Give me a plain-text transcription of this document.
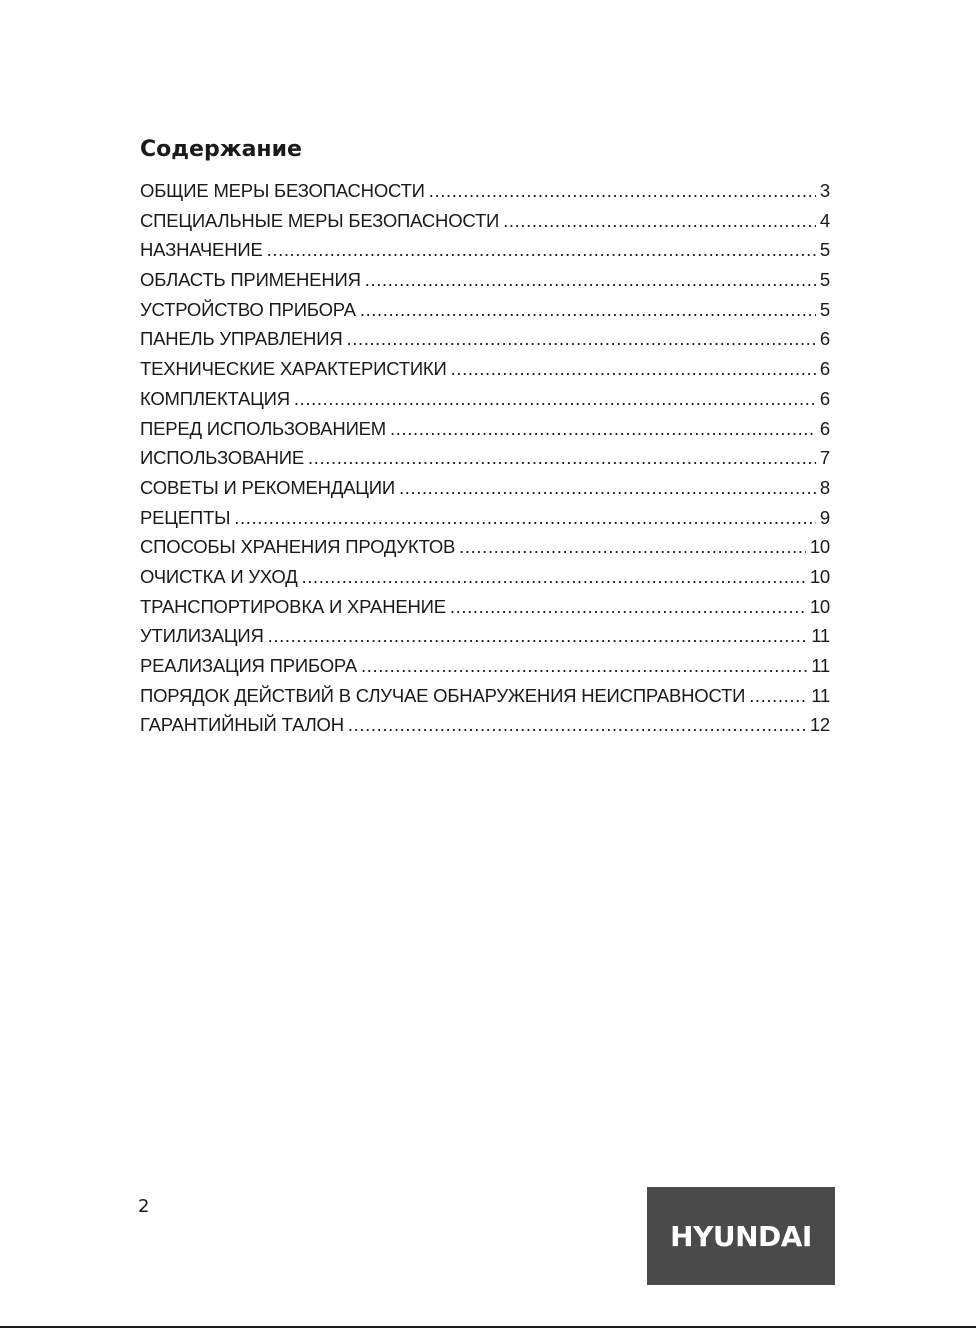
Содержание
ОБЩИЕ МЕРЫ БЕЗОПАСНОСТИ .....	3
СПЕЦИАЛЬНЫЕ МЕРЫ БЕЗОПАСНОСТИ .....	4
НАЗНАЧЕНИЕ .....	5
ОБЛАСТЬ ПРИМЕНЕНИЯ .....	5
УСТРОЙСТВО ПРИБОРА .....	5
ПАНЕЛЬ УПРАВЛЕНИЯ .....	6
ТЕХНИЧЕСКИЕ ХАРАКТЕРИСТИКИ .....	6
КОМПЛЕКТАЦИЯ .....	6
ПЕРЕД ИСПОЛЬЗОВАНИЕМ .....	6
ИСПОЛЬЗОВАНИЕ .....	7
СОВЕТЫ И РЕКОМЕНДАЦИИ .....	8
РЕЦЕПТЫ .....	9
СПОСОБЫ ХРАНЕНИЯ ПРОДУКТОВ .....	10
ОЧИСТКА И УХОД .....	10
ТРАНСПОРТИРОВКА И ХРАНЕНИЕ .....	10
УТИЛИЗАЦИЯ .....	11
РЕАЛИЗАЦИЯ ПРИБОРА .....	11
ПОРЯДОК ДЕЙСТВИЙ В СЛУЧАЕ ОБНАРУЖЕНИЯ НЕИСПРАВНОСТИ .....	11
ГАРАНТИЙНЫЙ ТАЛОН .....	12
2
HYUNDAI
